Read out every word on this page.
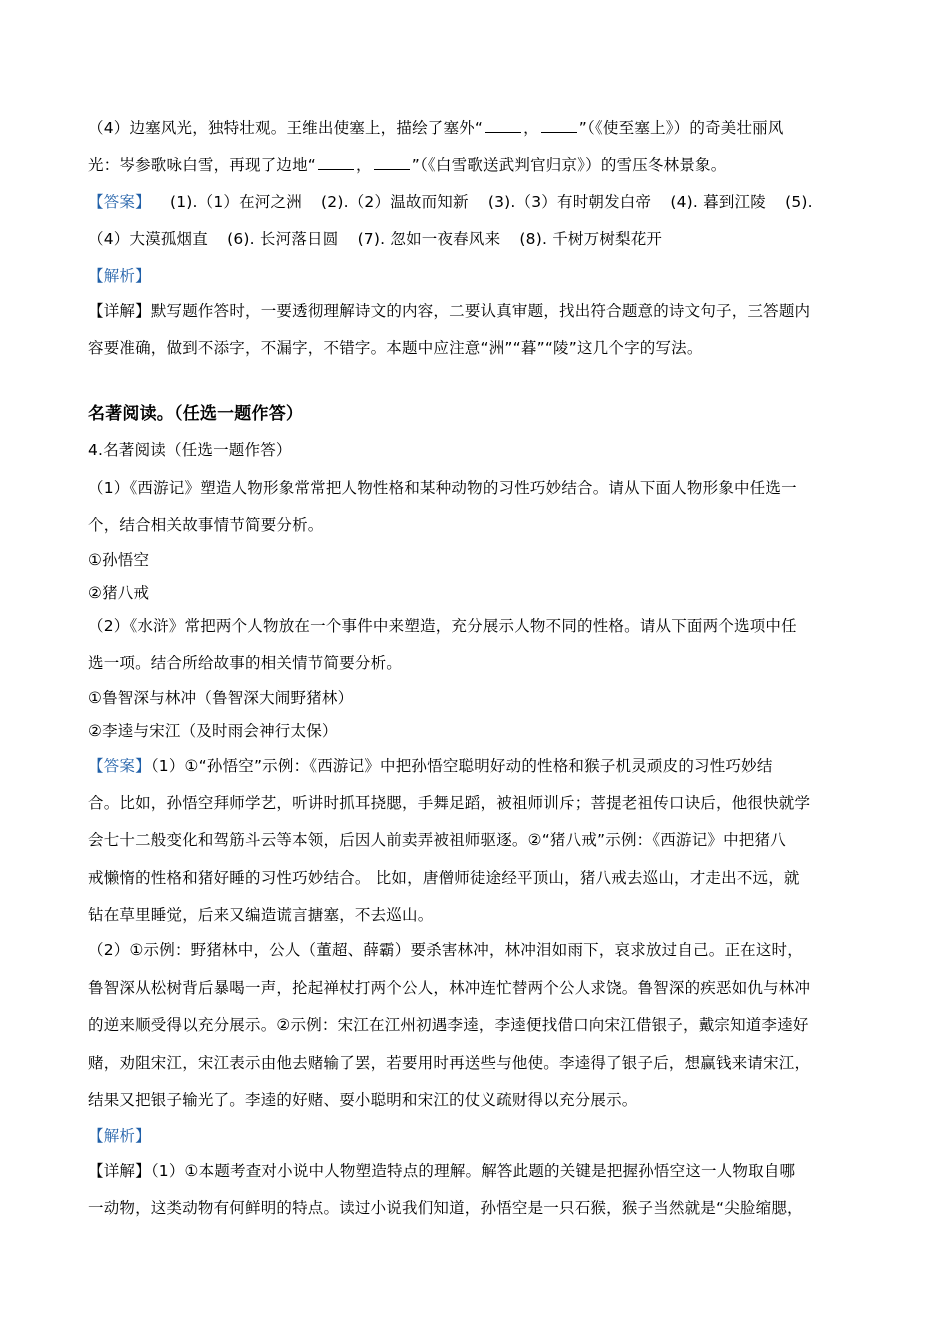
（4）边塞风光，独特壮观。王维出使塞上，描绘了塞外“	，	”（《使至塞上》）的奇美壮丽风
光：岑参歌咏白雪，再现了边地“	，	”（《白雪歌送武判官归京》）的雪压冬林景象。
【答案】 (1).（1）在河之洲 (2).（2）温故而知新 (3).（3）有时朝发白帝 (4). 暮到江陵 (5).
（4）大漠孤烟直 (6). 长河落日圆 (7). 忽如一夜春风来 (8). 千树万树梨花开
【解析】
【详解】默写题作答时，一要透彻理解诗文的内容，二要认真审题，找出符合题意的诗文句子，三答题内
容要准确，做到不添字，不漏字，不错字。本题中应注意“洲”“暮”“陵”这几个字的写法。
名著阅读。（任选一题作答）
4.名著阅读（任选一题作答）
（1）《西游记》塑造人物形象常常把人物性格和某种动物的习性巧妙结合。请从下面人物形象中任选一
个，结合相关故事情节简要分析。
①孙悟空
②猪八戒
（2）《水浒》常把两个人物放在一个事件中来塑造，充分展示人物不同的性格。请从下面两个选项中任
选一项。结合所给故事的相关情节简要分析。
①鲁智深与林冲（鲁智深大闹野猪林）
②李逵与宋江（及时雨会神行太保）
【答案】（1）①“孙悟空”示例：《西游记》中把孙悟空聪明好动的性格和猴子机灵顽皮的习性巧妙结
合。比如，孙悟空拜师学艺，听讲时抓耳挠腮，手舞足蹈，被祖师训斥；菩提老祖传口诀后，他很快就学
会七十二般变化和驾筋斗云等本领，后因人前卖弄被祖师驱逐。②“猪八戒”示例：《西游记》中把猪八
戒懒惰的性格和猪好睡的习性巧妙结合。 比如，唐僧师徒途经平顶山，猪八戒去巡山，才走出不远，就
钻在草里睡觉，后来又编造谎言搪塞，不去巡山。
（2）①示例：野猪林中，公人（董超、薛霸）要杀害林冲，林冲泪如雨下，哀求放过自己。正在这时，
鲁智深从松树背后暴喝一声，抡起禅杖打两个公人，林冲连忙替两个公人求饶。鲁智深的疾恶如仇与林冲
的逆来顺受得以充分展示。②示例：宋江在江州初遇李逵，李逵便找借口向宋江借银子，戴宗知道李逵好
赌，劝阻宋江，宋江表示由他去赌输了罢，若要用时再送些与他使。李逵得了银子后，想赢钱来请宋江，
结果又把银子输光了。李逵的好赌、耍小聪明和宋江的仗义疏财得以充分展示。
【解析】
【详解】（1）①本题考查对小说中人物塑造特点的理解。解答此题的关键是把握孙悟空这一人物取自哪
一动物，这类动物有何鲜明的特点。读过小说我们知道，孙悟空是一只石猴，猴子当然就是“尖脸缩腮，
